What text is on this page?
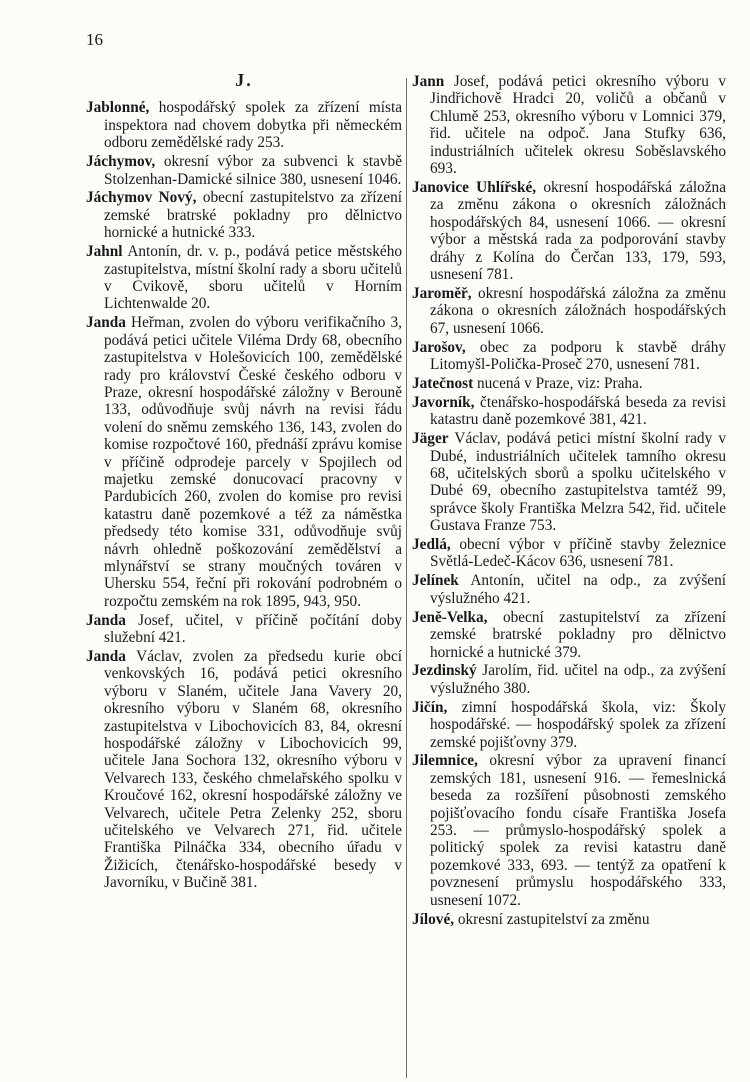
16
J.

Jablonné, hospodářský spolek za zřízení místa inspektora nad chovem dobytka při německém odboru zemědělské rady 253.

Jáchymov, okresní výbor za subvenci k stavbě Stolzenhan-Damické silnice 380, usnesení 1046.

Jáchymov Nový, obecní zastupitelstvo za zřízení zemské bratrské pokladny pro dělnictvo hornické a hutnické 333.

Jahnl Antonín, dr. v. p., podává petice městského zastupitelstva, místní školní rady a sboru učitelů v Cvikově, sboru učitelů v Horním Lichtenwalde 20.

Janda Heřman, zvolen do výboru verifikačního 3, podává petici učitele Viléma Drdy 68, obecního zastupitelstva v Holešovicích 100, zemědělské rady pro království České českého odboru v Praze, okresní hospodářské záložny v Berouně 133, odůvodňuje svůj návrh na revisi řádu volení do sněmu zemského 136, 143, zvolen do komise rozpočtové 160, přednáší zprávu komise v příčině odprodeje parcely v Spojilech od majetku zemské donucovací pracovny v Pardubicích 260, zvolen do komise pro revisi katastru daně pozemkové a též za náměstka předsedy této komise 331, odůvodňuje svůj návrh ohledně poškozování zemědělství a mlynářství se strany moučných továren v Uhersku 554, řeční při rokování podrobném o rozpočtu zemském na rok 1895, 943, 950.

Janda Josef, učitel, v příčině počítání doby služební 421.

Janda Václav, zvolen za předsedu kurie obcí venkovských 16, podává petici okresního výboru v Slaném, učitele Jana Vavery 20, okresního výboru v Slaném 68, okresního zastupitelstva v Libochovicích 83, 84, okresní hospodářské záložny v Libochovicích 99, učitele Jana Sochora 132, okresního výboru v Velvarech 133, českého chmelařského spolku v Kroučové 162, okresní hospodářské záložny ve Velvarech, učitele Petra Zelenky 252, sboru učitelského ve Velvarech 271, řid. učitele Františka Pilnáčka 334, obecního úřadu v Žižicích, čtenářsko-hospodářské besedy v Javorníku, v Bučině 381.

Jann Josef, podává petici okresního výboru v Jindřichově Hradci 20, voličů a občanů v Chlumě 253, okresního výboru v Lomnici 379, řid. učitele na odpoč. Jana Stufky 636, industriálních učitelek okresu Soběslavského 693.

Janovice Uhlířské, okresní hospodářská záložna za změnu zákona o okresních záložnách hospodářských 84, usnesení 1066. — okresní výbor a městská rada za podporování stavby dráhy z Kolína do Čerčan 133, 179, 593, usnesení 781.

Jaroměř, okresní hospodářská záložna za změnu zákona o okresních záložnách hospodářských 67, usnesení 1066.

Jarošov, obec za podporu k stavbě dráhy Litomyšl-Polička-Proseč 270, usnesení 781.

Jatečnost nucená v Praze, viz: Praha.

Javorník, čtenářsko-hospodářská beseda za revisi katastru daně pozemkové 381, 421.

Jäger Václav, podává petici místní školní rady v Dubé, industriálních učitelek tamního okresu 68, učitelských sborů a spolku učitelského v Dubé 69, obecního zastupitelstva tamtéž 99, správce školy Františka Melzra 542, řid. učitele Gustava Franze 753.

Jedlá, obecní výbor v příčině stavby železnice Světlá-Ledeč-Kácov 636, usnesení 781.

Jelínek Antonín, učitel na odp., za zvýšení výslužného 421.

Jeně-Velka, obecní zastupitelství za zřízení zemské bratrské pokladny pro dělnictvo hornické a hutnické 379.

Jezdinský Jarolím, řid. učitel na odp., za zvýšení výslužného 380.

Jičín, zimní hospodářská škola, viz: Školy hospodářské. — hospodářský spolek za zřízení zemské pojišťovny 379.

Jilemnice, okresní výbor za upravení financí zemských 181, usnesení 916. — řemeslnická beseda za rozšíření působnosti zemského pojišťovacího fondu císaře Františka Josefa 253. — průmyslo-hospodářský spolek a politický spolek za revisi katastru daně pozemkové 333, 693. — tentýž za opatření k povznesení průmyslu hospodářského 333, usnesení 1072.

Jílové, okresní zastupitelství za změnu
